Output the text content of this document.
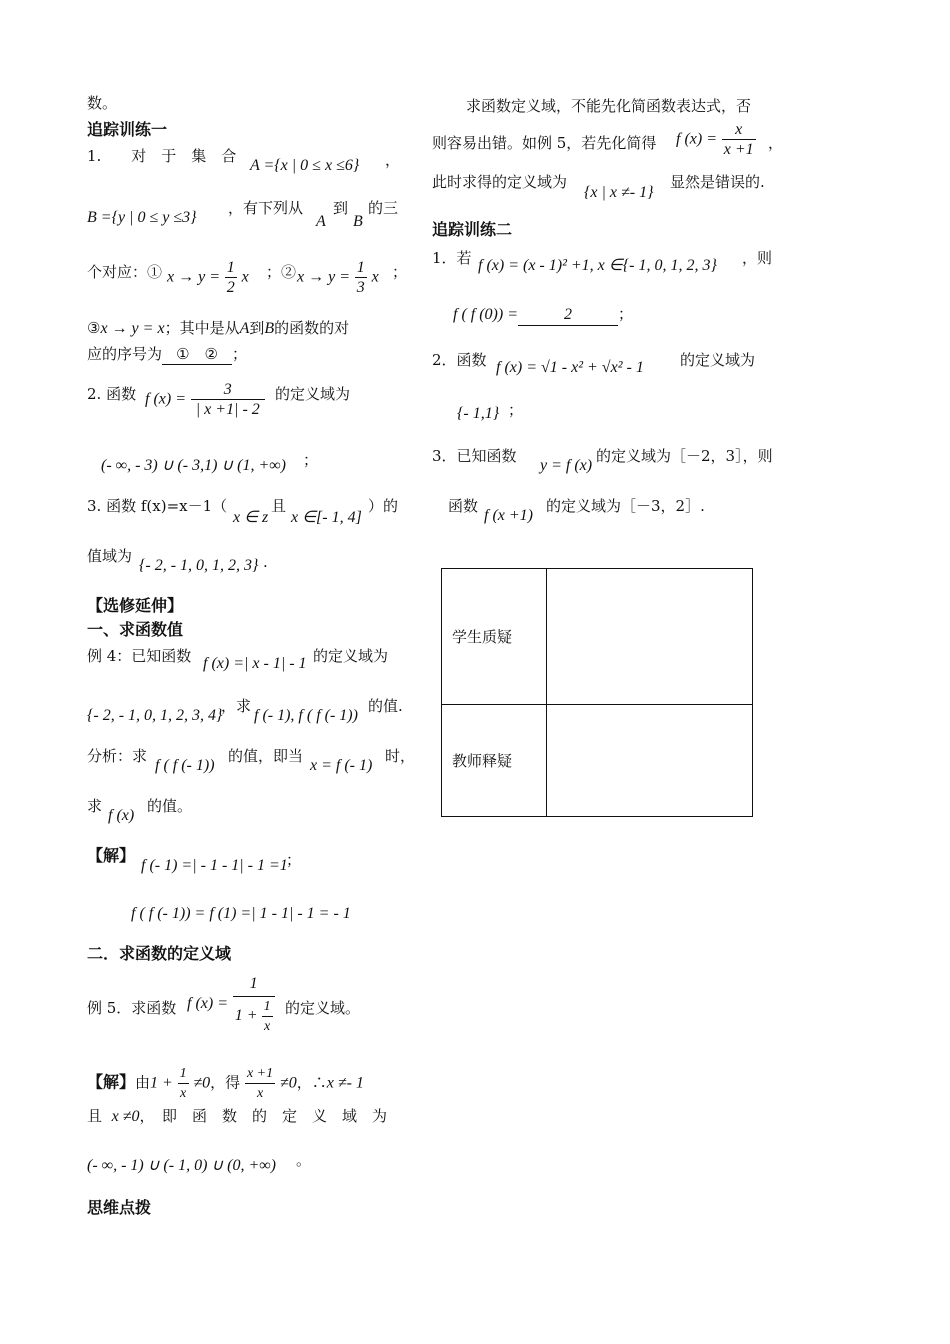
数。
追踪训练一
1.　　对　于　集　合
A ={x | 0 ≤ x ≤6} ，
B ={y | 0 ≤ y ≤3}
，有下列从
A
到
B
的三
个对应：① $x \to y = \frac{1}{2}$ x ；② $x \to y = \frac{1}{3}$ x ；
③x → y = x；其中是从A到B的函数的对
应的序号为 ①　② ；
2. 函数 f $(x) = \frac{3}{| x +1| - 2}$ 的定义域为
(- ∞, - 3) ∪ (- 3,1) ∪ (1, +∞) ；
3. 函数 f(x)=x－1（
x ∈ z
且
x ∈[- 1, 4]
）的
值域为
{- 2, - 1, 0, 1, 2, 3} .
【选修延伸】
一、求函数值
例 4：已知函数 f (x) =| x - 1| - 1 的定义域为
{- 2, - 1, 0, 1, 2, 3, 4}
，求
f (- 1), f ( f (- 1))
的值.
分析：求
f ( f (- 1))
的值，即当
x = f (- 1)
时，
求
f (x)
的值。
【解】
f (- 1) =| - 1 - 1| - 1 =1
；
f ( f (- 1)) = f (1) =| 1 - 1| - 1 = - 1
二．求函数的定义域
例 5．求函数 f $(x) = \frac{1}{1 + \frac{1}{x}}$ 的定义域。
【解】由$1 + \frac{1}{x} \ne 0$，得 $\frac{x +1}{x} \ne 0$，∴x ≠- 1
且 x ≠0，　即　函　数　的　定　义　域　为
(- ∞, - 1) ∪ (- 1, 0) ∪ (0, +∞) 。
思维点拨
求函数定义域，不能先化简函数表达式，否
则容易出错。如例 5，若先化简得 f $(x) = \frac{x}{x +1}$ ，
此时求得的定义域为
{x | x ≠- 1}
显然是错误的.
追踪训练二
1．若 f (x) = (x - 1)² +1, x ∈{- 1, 0, 1, 2, 3} ，则
f ( f (0)) =	2	；
2．函数 f (x) = √1 - x² + √x² - 1 的定义域为
{- 1,1} ；
3．已知函数
y = f (x)
的定义域为［－2，3］，则
函数
f (x +1)
的定义域为［－3，2］.
学生质疑	
教师释疑	
